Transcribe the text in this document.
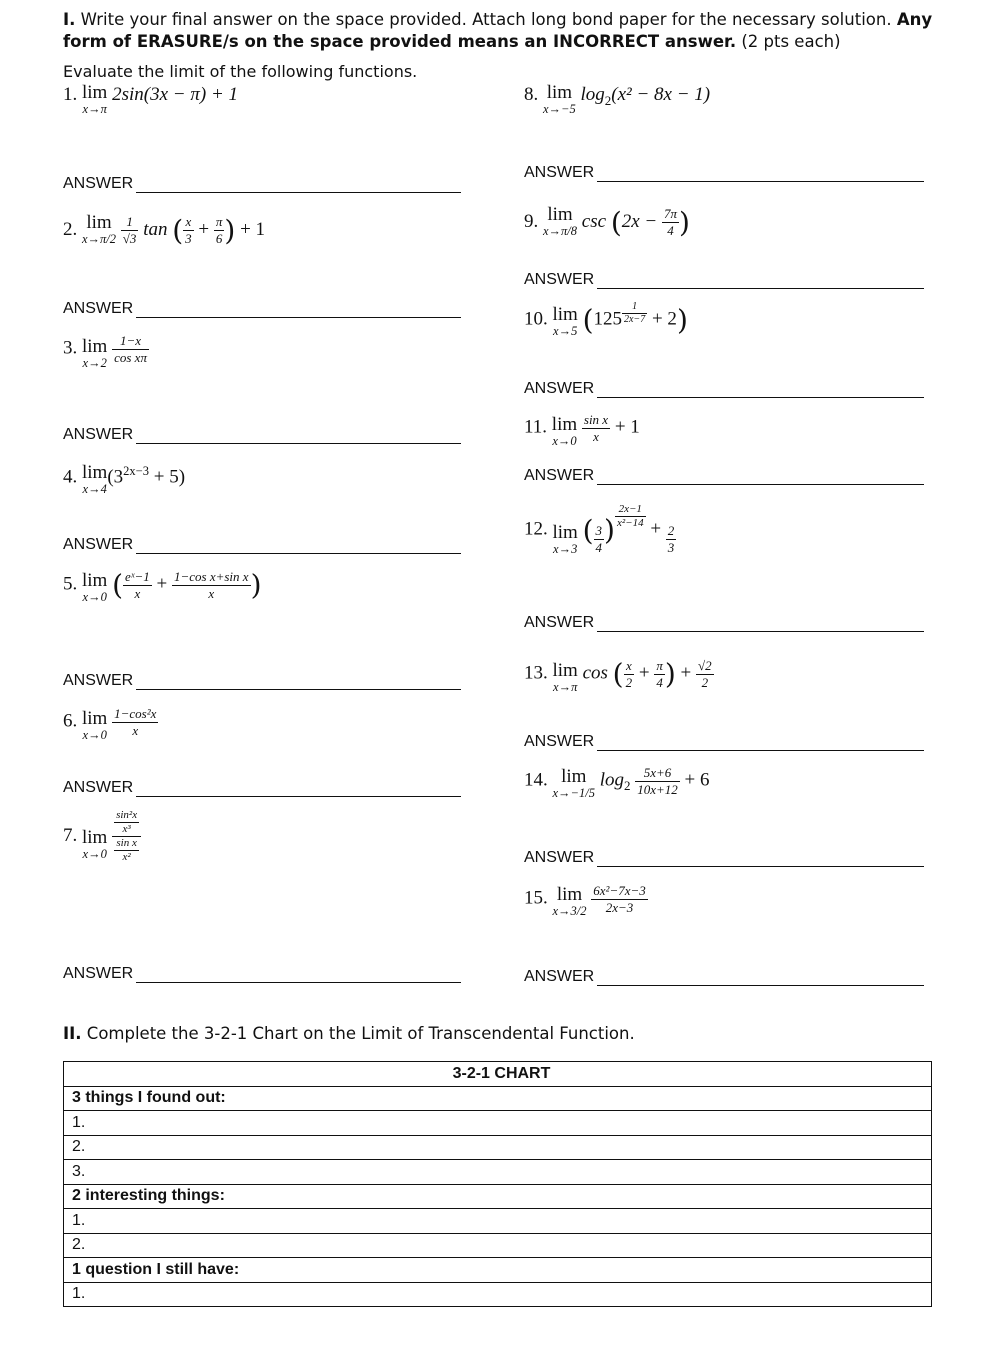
I. Write your final answer on the space provided. Attach long bond paper for the necessary solution. Any form of ERASURE/s on the space provided means an INCORRECT answer. (2 pts each)
Evaluate the limit of the following functions.
1. lim
x→π
2sin(3x − π) + 1
ANSWER
2. lim
x→π/2
$\frac{1}{√3}$ tan ( $\frac{x}{3} + \frac{\pi}{6}$ ) + 1
ANSWER
3. lim
x→2
$\frac{1-x}{\text{cos xπ}}$
ANSWER
4. lim
x→4
$(3^{2x-3} + 5)$
ANSWER
5. lim
x→0 ( $\frac{\text{eˣ−1}}{x} + \frac{\text{1−cos x+sin x}}{x}$ )
ANSWER
6. lim
x→0
$\frac{\text{1−cos²x}}{x}$
ANSWER
7. lim
x→0
$\frac{\frac{\text{sin²x}}{\text{x³}}}{\frac{\text{sin x}}{\text{x²}}}$
ANSWER
8. lim
x→−5
$\log_2(x^2 - 8x - 1)$
ANSWER
9. lim
x→π/8 $\csc (2x - \frac{7\pi}{4}$ )
ANSWER
10. lim
x→5 $(125 \frac{1}{2x-7} + 2)$
ANSWER
11. lim
x→0
$\frac{\text{sin x}}{x} + 1$
ANSWER
12. lim
x→3
( $\frac{3}{4}$ ) $\frac{2x-1}{\text{x²−14}} + \frac{2}{3}$
ANSWER
13. lim
x→π
cos ( $\frac{x}{2} + \frac{\pi}{4}$ ) + $\frac{√2}{2}$
ANSWER
14. lim
x→−1/5
$\log_2 \frac{5x+6}{10x+12} + 6$
ANSWER
15. lim
x→3/2
$\frac{\text{6x²−7x−3}}{2x-3}$
ANSWER
II. Complete the 3-2-1 Chart on the Limit of Transcendental Function.
3-2-1 CHART
3 things I found out:
1.
2.
3.
2 interesting things:
1.
2.
1 question I still have:
1.
